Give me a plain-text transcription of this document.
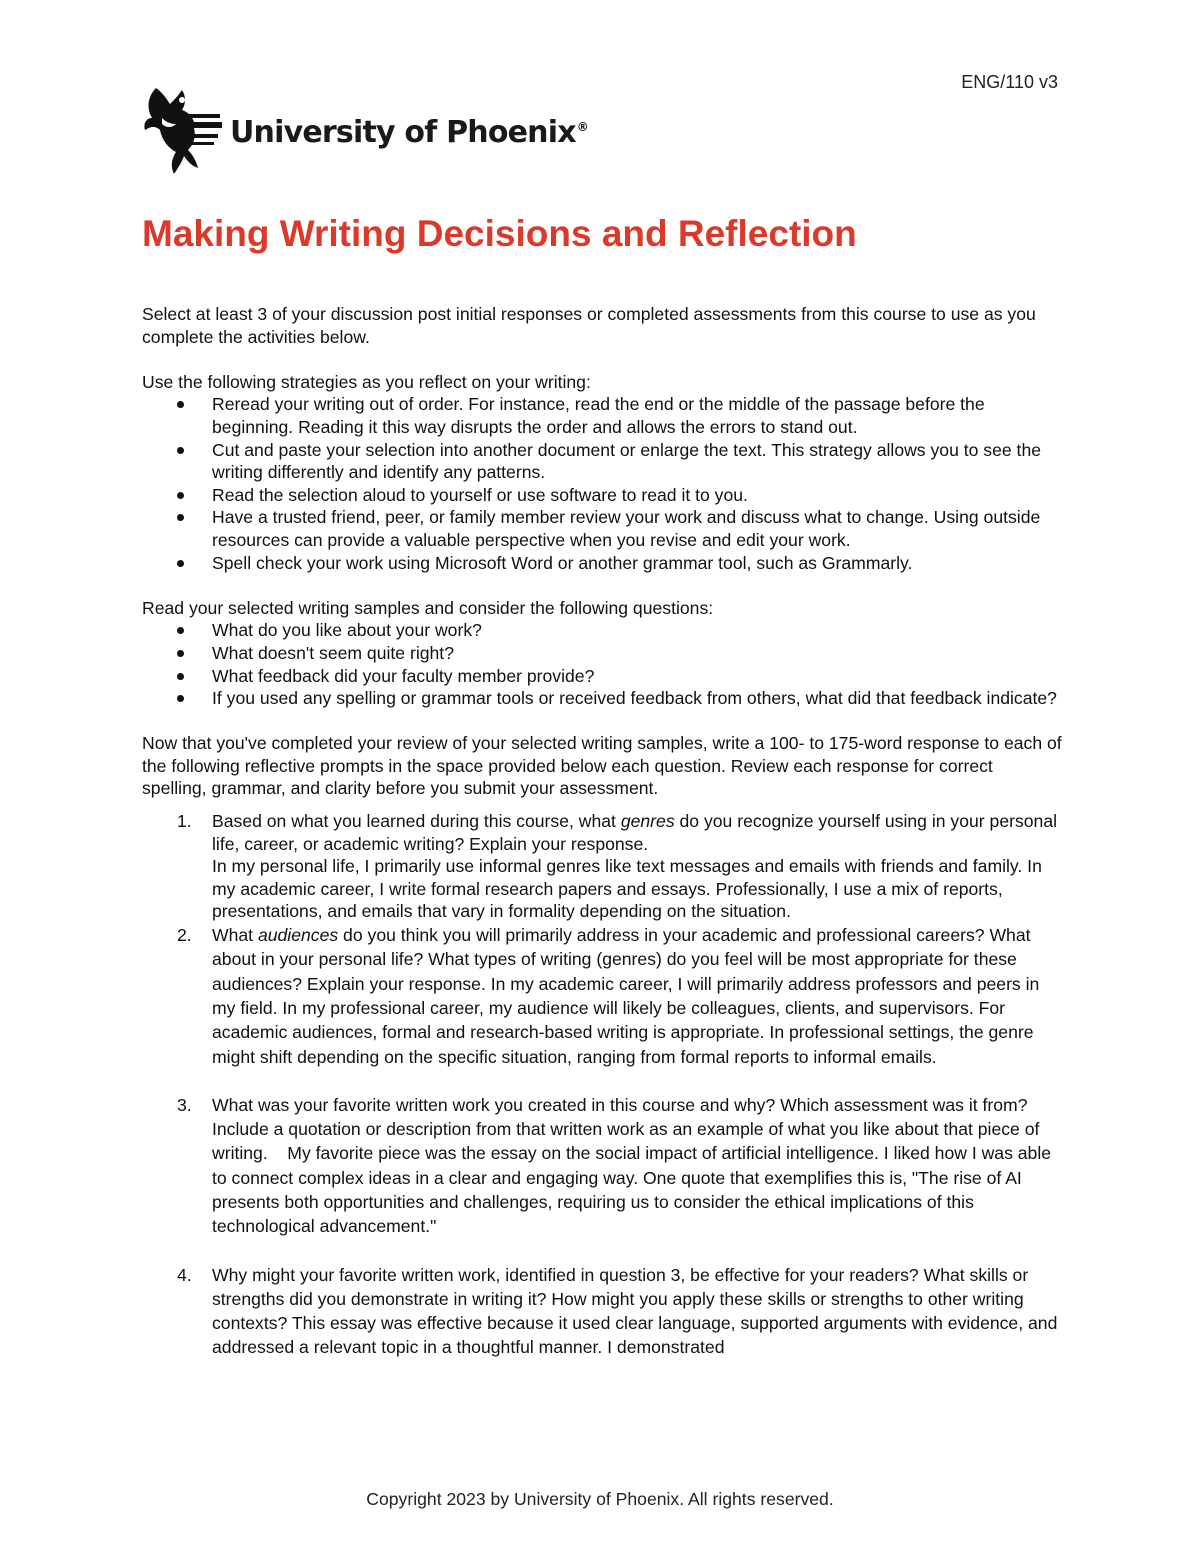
ENG/110 v3
University of Phoenix®
Making Writing Decisions and Reflection

Select at least 3 of your discussion post initial responses or completed assessments from this course to use as you complete the activities below.

Use the following strategies as you reflect on your writing:

Reread your writing out of order. For instance, read the end or the middle of the passage before the beginning. Reading it this way disrupts the order and allows the errors to stand out.
Cut and paste your selection into another document or enlarge the text. This strategy allows you to see the writing differently and identify any patterns.
Read the selection aloud to yourself or use software to read it to you.
Have a trusted friend, peer, or family member review your work and discuss what to change. Using outside resources can provide a valuable perspective when you revise and edit your work.
Spell check your work using Microsoft Word or another grammar tool, such as Grammarly.

Read your selected writing samples and consider the following questions:

What do you like about your work?
What doesn't seem quite right?
What feedback did your faculty member provide?
If you used any spelling or grammar tools or received feedback from others, what did that feedback indicate?

Now that you've completed your review of your selected writing samples, write a 100- to 175-word response to each of the following reflective prompts in the space provided below each question. Review each response for correct spelling, grammar, and clarity before you submit your assessment.

1. Based on what you learned during this course, what genres do you recognize yourself using in your personal life, career, or academic writing? Explain your response.
In my personal life, I primarily use informal genres like text messages and emails with friends and family. In my academic career, I write formal research papers and essays. Professionally, I use a mix of reports, presentations, and emails that vary in formality depending on the situation.
2. What audiences do you think you will primarily address in your academic and professional careers? What about in your personal life? What types of writing (genres) do you feel will be most appropriate for these audiences? Explain your response. In my academic career, I will primarily address professors and peers in my field. In my professional career, my audience will likely be colleagues, clients, and supervisors. For academic audiences, formal and research-based writing is appropriate. In professional settings, the genre might shift depending on the specific situation, ranging from formal reports to informal emails.
3. What was your favorite written work you created in this course and why? Which assessment was it from? Include a quotation or description from that written work as an example of what you like about that piece of writing. My favorite piece was the essay on the social impact of artificial intelligence. I liked how I was able to connect complex ideas in a clear and engaging way. One quote that exemplifies this is, "The rise of AI presents both opportunities and challenges, requiring us to consider the ethical implications of this technological advancement."
4. Why might your favorite written work, identified in question 3, be effective for your readers? What skills or strengths did you demonstrate in writing it? How might you apply these skills or strengths to other writing contexts? This essay was effective because it used clear language, supported arguments with evidence, and addressed a relevant topic in a thoughtful manner. I demonstrated
Copyright 2023 by University of Phoenix. All rights reserved.
